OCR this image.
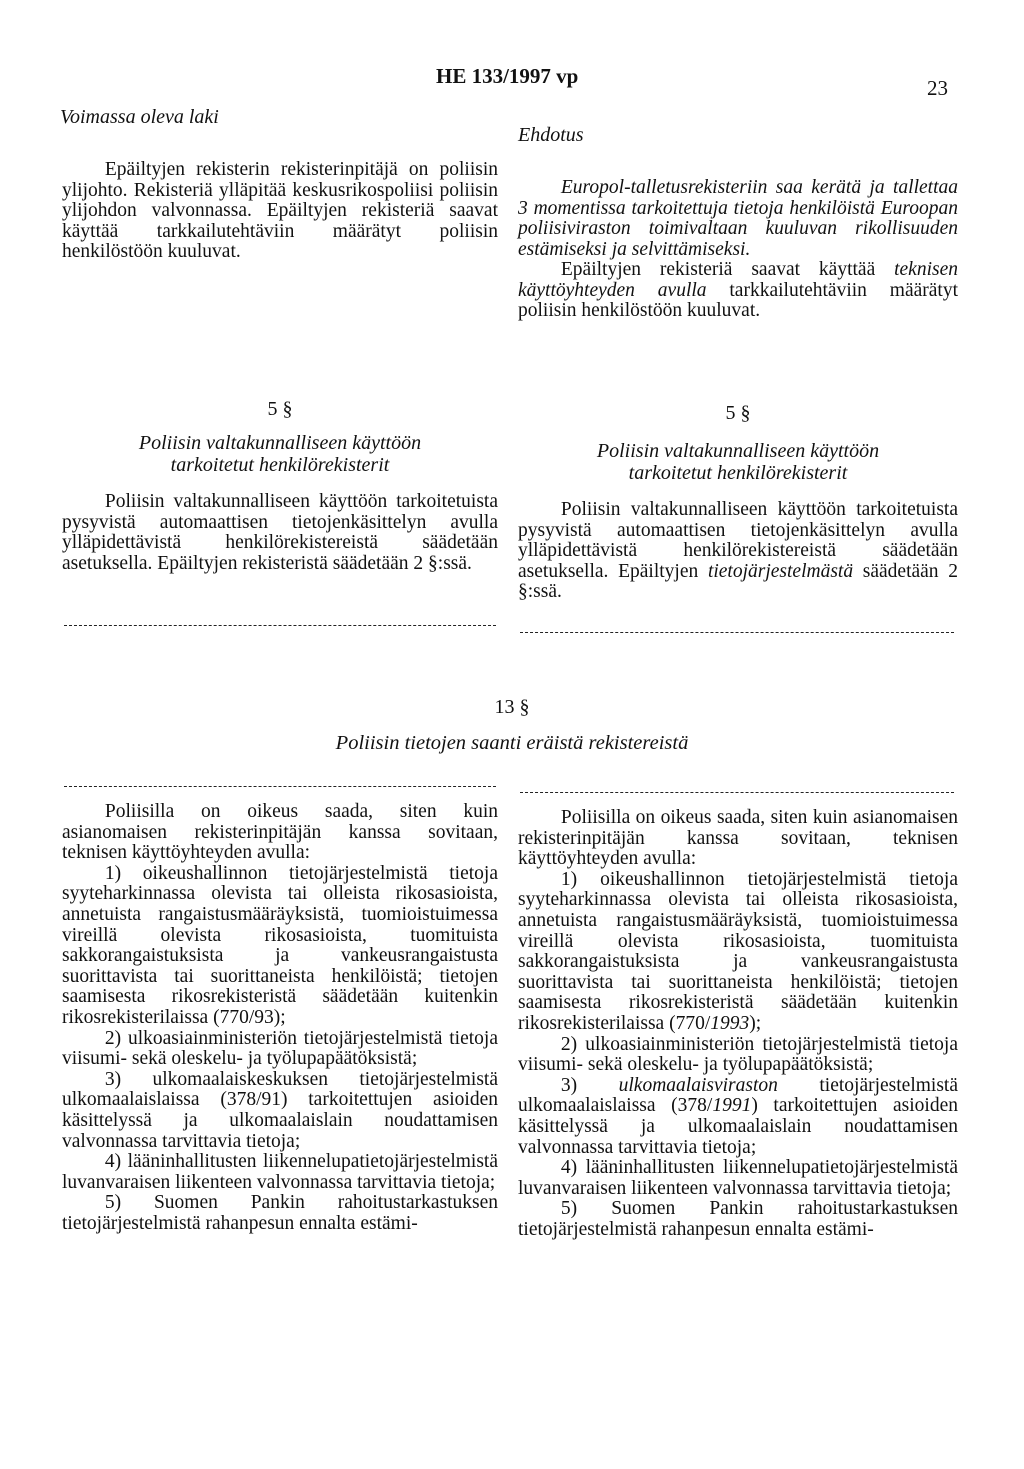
HE 133/1997 vp	23
Voimassa oleva laki
Ehdotus

Epäiltyjen rekisterin rekisterinpitäjä on poliisin ylijohto. Rekisteriä ylläpitää keskusrikospoliisi poliisin ylijohdon valvonnassa. Epäiltyjen rekisteriä saavat käyttää tarkkailutehtäviin määrätyt poliisin henkilöstöön kuuluvat.

Europol-talletusrekisteriin saa kerätä ja tallettaa 3 momentissa tarkoitettuja tietoja henkilöistä Euroopan poliisiviraston toimivaltaan kuuluvan rikollisuuden estämiseksi ja selvittämiseksi.

Epäiltyjen rekisteriä saavat käyttää teknisen käyttöyhteyden avulla tarkkailutehtäviin määrätyt poliisin henkilöstöön kuuluvat.

5 §
Poliisin valtakunnalliseen käyttöön
tarkoitetut henkilörekisterit
5 §
Poliisin valtakunnalliseen käyttöön
tarkoitetut henkilörekisterit

Poliisin valtakunnalliseen käyttöön tarkoitetuista pysyvistä automaattisen tietojenkäsittelyn avulla ylläpidettävistä henkilörekistereistä säädetään asetuksella. Epäiltyjen rekisteristä säädetään 2 §:ssä.

Poliisin valtakunnalliseen käyttöön tarkoitetuista pysyvistä automaattisen tietojenkäsittelyn avulla ylläpidettävistä henkilörekistereistä säädetään asetuksella. Epäiltyjen tietojärjestelmästä säädetään 2 §:ssä.

13 §
Poliisin tietojen saanti eräistä rekistereistä

Poliisilla on oikeus saada, siten kuin asianomaisen rekisterinpitäjän kanssa sovitaan, teknisen käyttöyhteyden avulla:

1) oikeushallinnon tietojärjestelmistä tietoja syyteharkinnassa olevista tai olleista rikosasioista, annetuista rangaistusmääräyksistä, tuomioistuimessa vireillä olevista rikosasioista, tuomituista sakkorangaistuksista ja vankeusrangaistusta suorittavista tai suorittaneista henkilöistä; tietojen saamisesta rikosrekisteristä säädetään kuitenkin rikosrekisterilaissa (770/93);

2) ulkoasiainministeriön tietojärjestelmistä tietoja viisumi- sekä oleskelu- ja työlupapäätöksistä;

3) ulkomaalaiskeskuksen tietojärjestelmistä ulkomaalaislaissa (378/91) tarkoitettujen asioiden käsittelyssä ja ulkomaalaislain noudattamisen valvonnassa tarvittavia tietoja;

4) lääninhallitusten liikennelupatietojärjestelmistä luvanvaraisen liikenteen valvonnassa tarvittavia tietoja;

5) Suomen Pankin rahoitustarkastuksen tietojärjestelmistä rahanpesun ennalta estämi-

Poliisilla on oikeus saada, siten kuin asianomaisen rekisterinpitäjän kanssa sovitaan, teknisen käyttöyhteyden avulla:

1) oikeushallinnon tietojärjestelmistä tietoja syyteharkinnassa olevista tai olleista rikosasioista, annetuista rangaistusmääräyksistä, tuomioistuimessa vireillä olevista rikosasioista, tuomituista sakkorangaistuksista ja vankeusrangaistusta suorittavista tai suorittaneista henkilöistä; tietojen saamisesta rikosrekisteristä säädetään kuitenkin rikosrekisterilaissa (770/1993);

2) ulkoasiainministeriön tietojärjestelmistä tietoja viisumi- sekä oleskelu- ja työlupapäätöksistä;

3) ulkomaalaisviraston tietojärjestelmistä ulkomaalaislaissa (378/1991) tarkoitettujen asioiden käsittelyssä ja ulkomaalaislain noudattamisen valvonnassa tarvittavia tietoja;

4) lääninhallitusten liikennelupatietojärjestelmistä luvanvaraisen liikenteen valvonnassa tarvittavia tietoja;

5) Suomen Pankin rahoitustarkastuksen tietojärjestelmistä rahanpesun ennalta estämi-
